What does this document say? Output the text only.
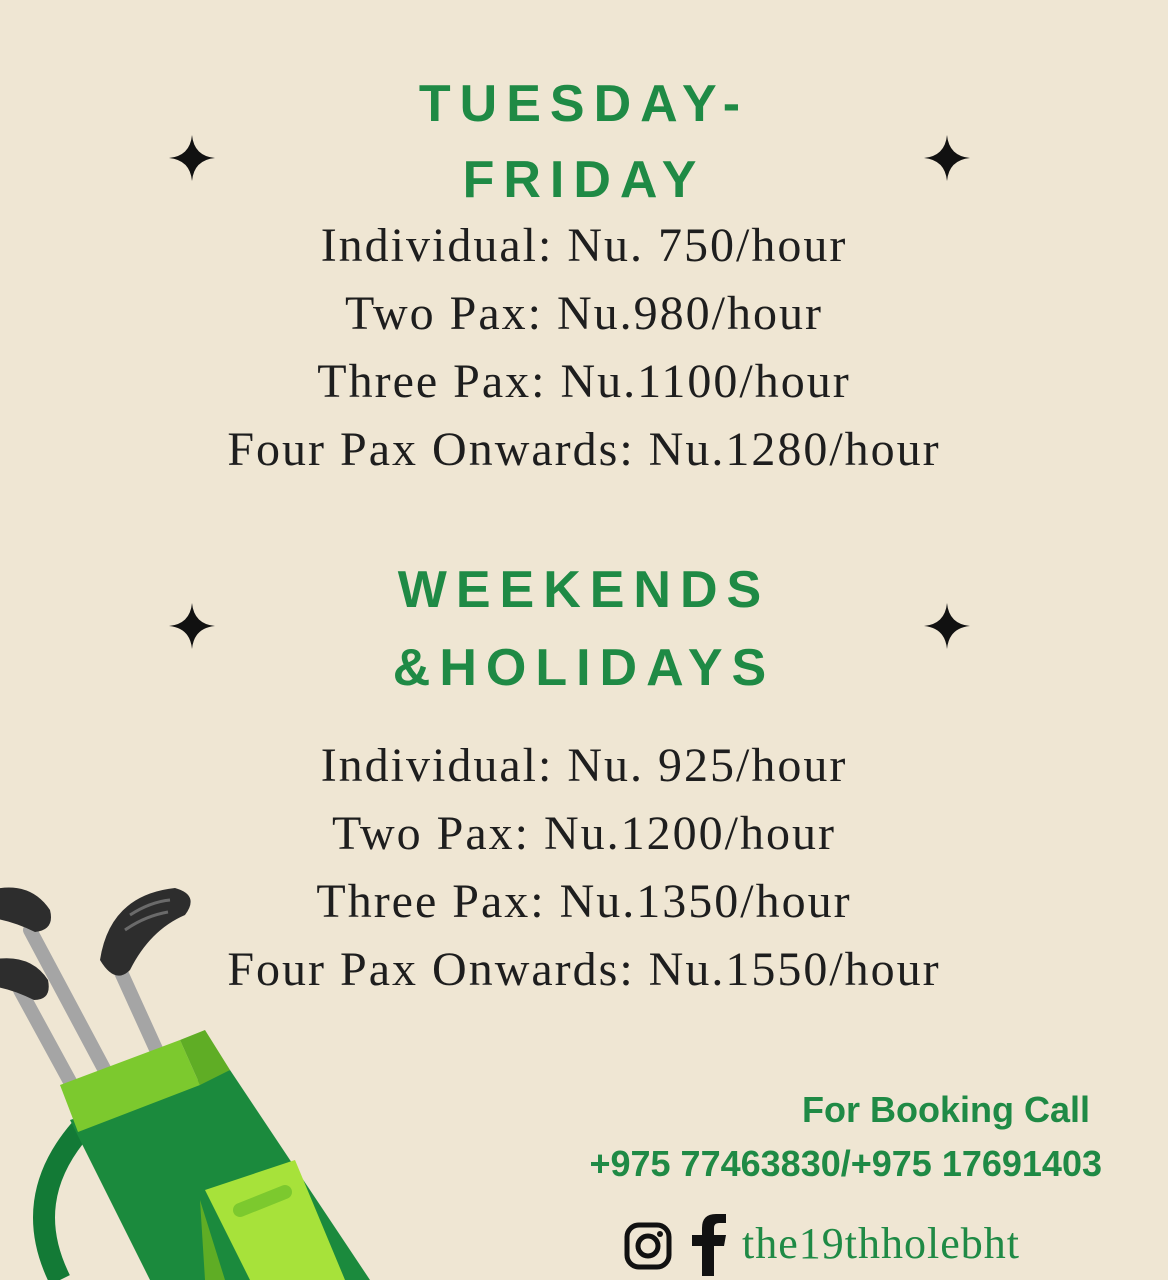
TUESDAY-
FRIDAY
Individual: Nu. 750/hour
Two Pax: Nu.980/hour
Three Pax: Nu.1100/hour
Four Pax Onwards: Nu.1280/hour
WEEKENDS
&HOLIDAYS
Individual: Nu. 925/hour
Two Pax: Nu.1200/hour
Three Pax: Nu.1350/hour
Four Pax Onwards: Nu.1550/hour
For Booking Call
+975 77463830/+975 17691403
the19thholebht
